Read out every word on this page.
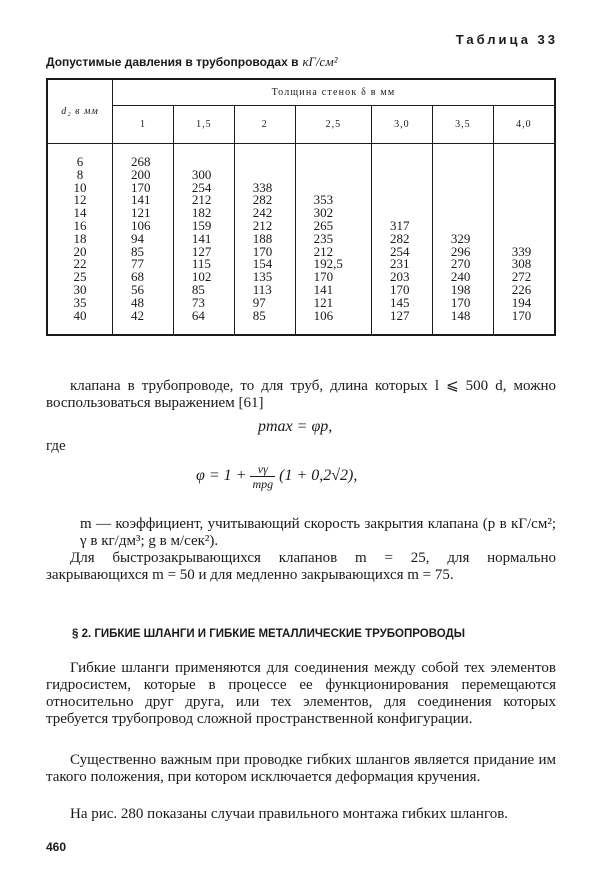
Таблица 33
Допустимые давления в трубопроводах в кГ/см²
d₂ в мм	Толщина стенок δ в мм						
	1	1,5	2	2,5	3,0	3,5	4,0

6	268						
8	200	300					
10	170	254	338				
12	141	212	282	353			
14	121	182	242	302			
16	106	159	212	265	317		
18	94	141	188	235	282	329	
20	85	127	170	212	254	296	339
22	77	115	154	192,5	231	270	308
25	68	102	135	170	203	240	272
30	56	85	113	141	170	198	226
35	48	73	97	121	145	170	194
40	42	64	85	106	127	148	170

клапана в трубопроводе, то для труб, длина которых l ⩽ 500 d, можно воспользоваться выражением [61]

pmax = φp,
где
$\varphi = 1 + \frac{v\gamma}{\text{mpg}} (1 + 0,2√2)$,

m — коэффициент, учитывающий скорость закрытия клапана (p в кГ/см²; γ в кг/дм³; g в м/сек²).

Для быстрозакрывающихся клапанов m = 25, для нормально закрывающихся m = 50 и для медленно закрывающихся m = 75.

§ 2. ГИБКИЕ ШЛАНГИ И ГИБКИЕ МЕТАЛЛИЧЕСКИЕ ТРУБОПРОВОДЫ

Гибкие шланги применяются для соединения между собой тех элементов гидросистем, которые в процессе ее функционирования перемещаются относительно друг друга, или тех элементов, для соединения которых требуется трубопровод сложной пространственной конфигурации.

Существенно важным при проводке гибких шлангов является придание им такого положения, при котором исключается деформация кручения.

На рис. 280 показаны случаи правильного монтажа гибких шлангов.

460
